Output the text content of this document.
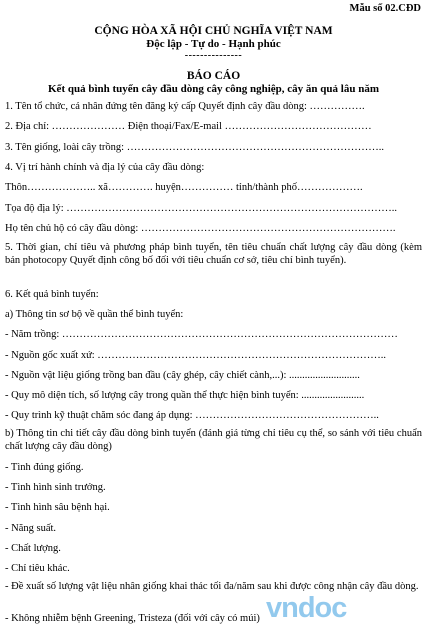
Mẫu số 02.CĐD
CỘNG HÒA XÃ HỘI CHỦ NGHĨA VIỆT NAM
Độc lập - Tự do - Hạnh phúc
---------------
BÁO CÁO
Kết quả bình tuyển cây đầu dòng cây công nghiệp, cây ăn quả lâu năm
1. Tên tổ chức, cá nhân đứng tên đăng ký cấp Quyết định cây đầu dòng: …………….
2. Địa chỉ: ………………… Điện thoại/Fax/E-mail ……………………………………
3. Tên giống, loài cây trồng: ………………………………………………………………..
4. Vị trí hành chính và địa lý của cây đầu dòng:
Thôn……………….. xã…………. huyện…………… tỉnh/thành phố……………….
Tọa độ địa lý: …………………………………………………………………………………..
Họ tên chủ hộ có cây đầu dòng: ……………………………………………………………….
5. Thời gian, chỉ tiêu và phương pháp bình tuyển, tên tiêu chuẩn chất lượng cây đầu dòng (kèm bản photocopy Quyết định công bố đối với tiêu chuẩn cơ sở, tiêu chí bình tuyển).
6. Kết quả bình tuyển:
a) Thông tin sơ bộ về quần thể bình tuyển:
- Năm trồng: ……………………………………………………………………………………
- Nguồn gốc xuất xứ: ………………………………………………………………………..
- Nguồn vật liệu giống trồng ban đầu (cây ghép, cây chiết cành,...): ...........................
- Quy mô diện tích, số lượng cây trong quần thể thực hiện bình tuyển: ........................
- Quy trình kỹ thuật chăm sóc đang áp dụng: ……………………………………………..
b) Thông tin chi tiết cây đầu dòng bình tuyển (đánh giá từng chỉ tiêu cụ thể, so sánh với tiêu chuẩn chất lượng cây đầu dòng)
- Tình đúng giống.
- Tình hình sinh trưởng.
- Tình hình sâu bệnh hại.
- Năng suất.
- Chất lượng.
- Chỉ tiêu khác.
- Đề xuất số lượng vật liệu nhân giống khai thác tối đa/năm sau khi được công nhận cây đầu dòng.
- Không nhiễm bệnh Greening, Tristeza (đối với cây có múi) vndoc
